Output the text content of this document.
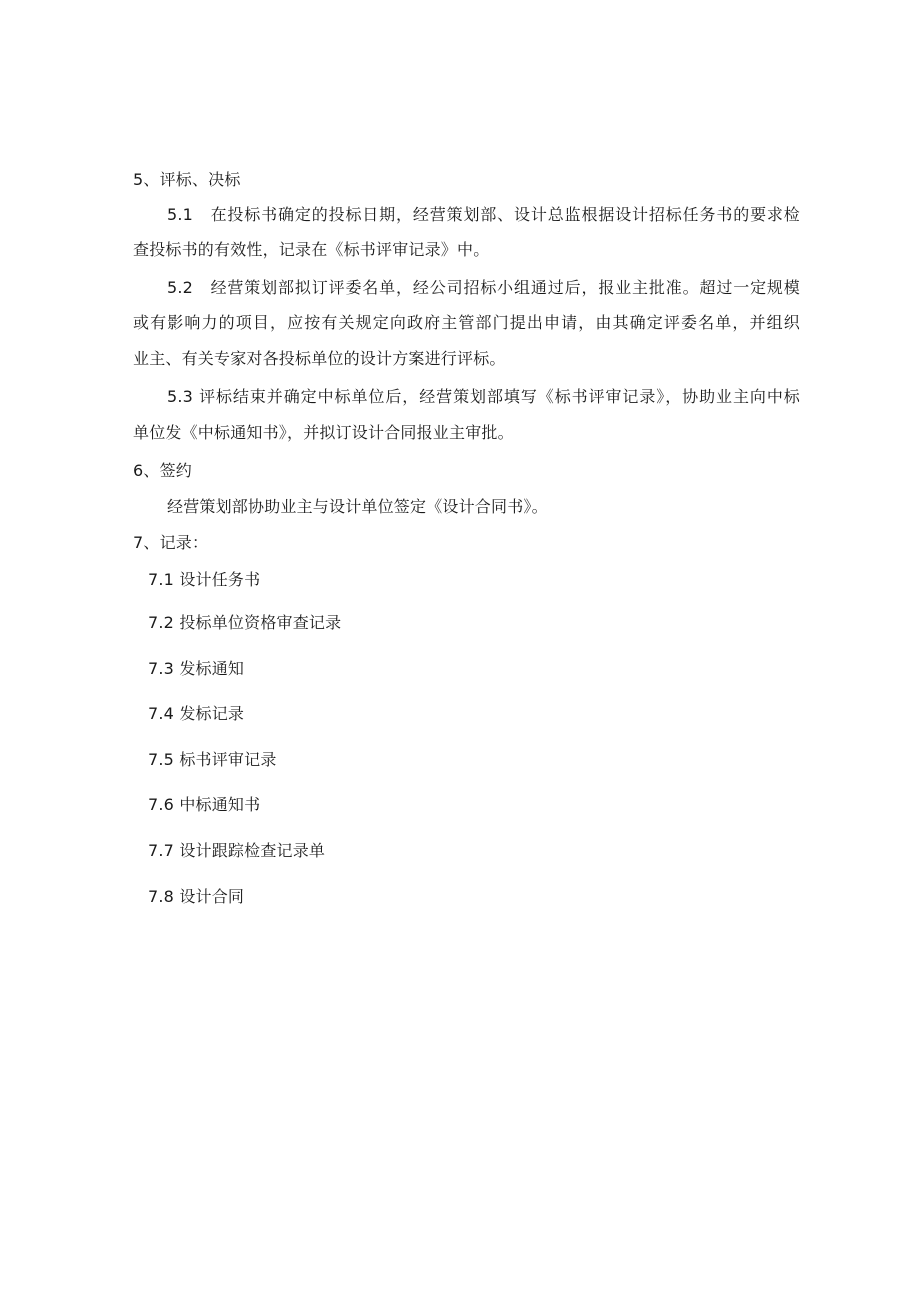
5、评标、决标
5.1　在投标书确定的投标日期，经营策划部、设计总监根据设计招标任务书的要求检
查投标书的有效性，记录在《标书评审记录》中。
5.2　经营策划部拟订评委名单，经公司招标小组通过后，报业主批准。超过一定规模
或有影响力的项目，应按有关规定向政府主管部门提出申请，由其确定评委名单，并组织
业主、有关专家对各投标单位的设计方案进行评标。
5.3 评标结束并确定中标单位后，经营策划部填写《标书评审记录》，协助业主向中标
单位发《中标通知书》，并拟订设计合同报业主审批。
6、签约
经营策划部协助业主与设计单位签定《设计合同书》。
7、记录：
7.1 设计任务书
7.2 投标单位资格审查记录
7.3 发标通知
7.4 发标记录
7.5 标书评审记录
7.6 中标通知书
7.7 设计跟踪检查记录单
7.8 设计合同
